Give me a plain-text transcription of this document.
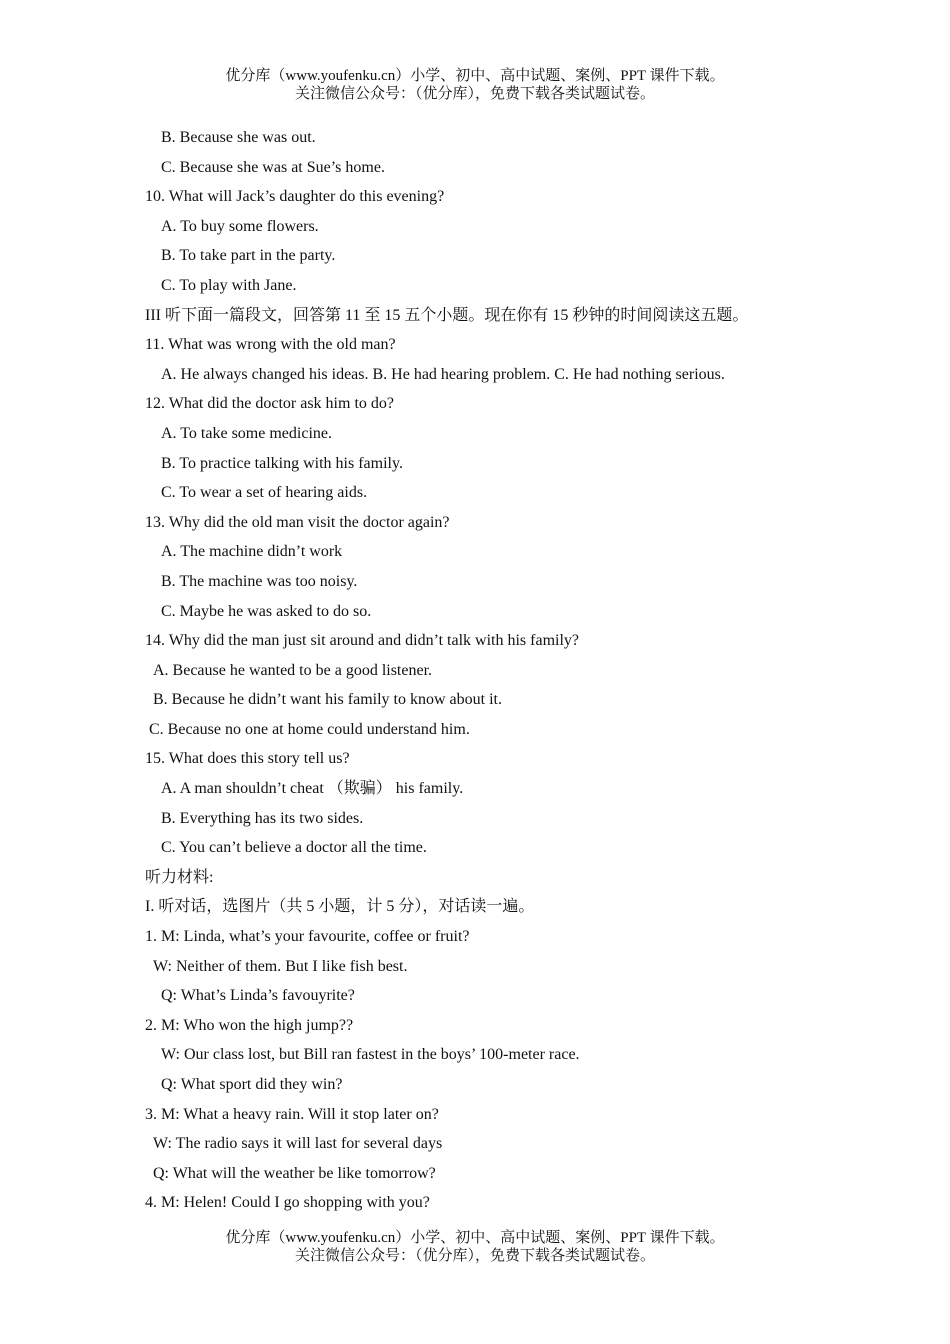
优分库（www.youfenku.cn）小学、初中、高中试题、案例、PPT 课件下载。
关注微信公众号：（优分库），免费下载各类试题试卷。
B. Because she was out.
C. Because she was at Sue’s home.
10. What will Jack’s daughter do this evening?
A. To buy some flowers.
B. To take part in the party.
C. To play with Jane.
III 听下面一篇段文，回答第 11 至 15 五个小题。现在你有 15 秒钟的时间阅读这五题。
11. What was wrong with the old man?
A. He always changed his ideas. B. He had hearing problem. C. He had nothing serious.
12. What did the doctor ask him to do?
A. To take some medicine.
B. To practice talking with his family.
C. To wear a set of hearing aids.
13. Why did the old man visit the doctor again?
A. The machine didn’t work
B. The machine was too noisy.
C. Maybe he was asked to do so.
14. Why did the man just sit around and didn’t talk with his family?
A. Because he wanted to be a good listener.
B. Because he didn’t want his family to know about it.
C. Because no one at home could understand him.
15. What does this story tell us?
A. A man shouldn’t cheat （欺骗） his family.
B. Everything has its two sides.
C. You can’t believe a doctor all the time.
听力材料:
I. 听对话，选图片（共 5 小题，计 5 分），对话读一遍。
1. M: Linda, what’s your favourite, coffee or fruit?
W: Neither of them. But I like fish best.
Q: What’s Linda’s favouyrite?
2. M: Who won the high jump??
W: Our class lost, but Bill ran fastest in the boys’ 100-meter race.
Q: What sport did they win?
3. M: What a heavy rain. Will it stop later on?
W: The radio says it will last for several days
Q: What will the weather be like tomorrow?
4. M: Helen! Could I go shopping with you?
优分库（www.youfenku.cn）小学、初中、高中试题、案例、PPT 课件下载。
关注微信公众号：（优分库），免费下载各类试题试卷。
